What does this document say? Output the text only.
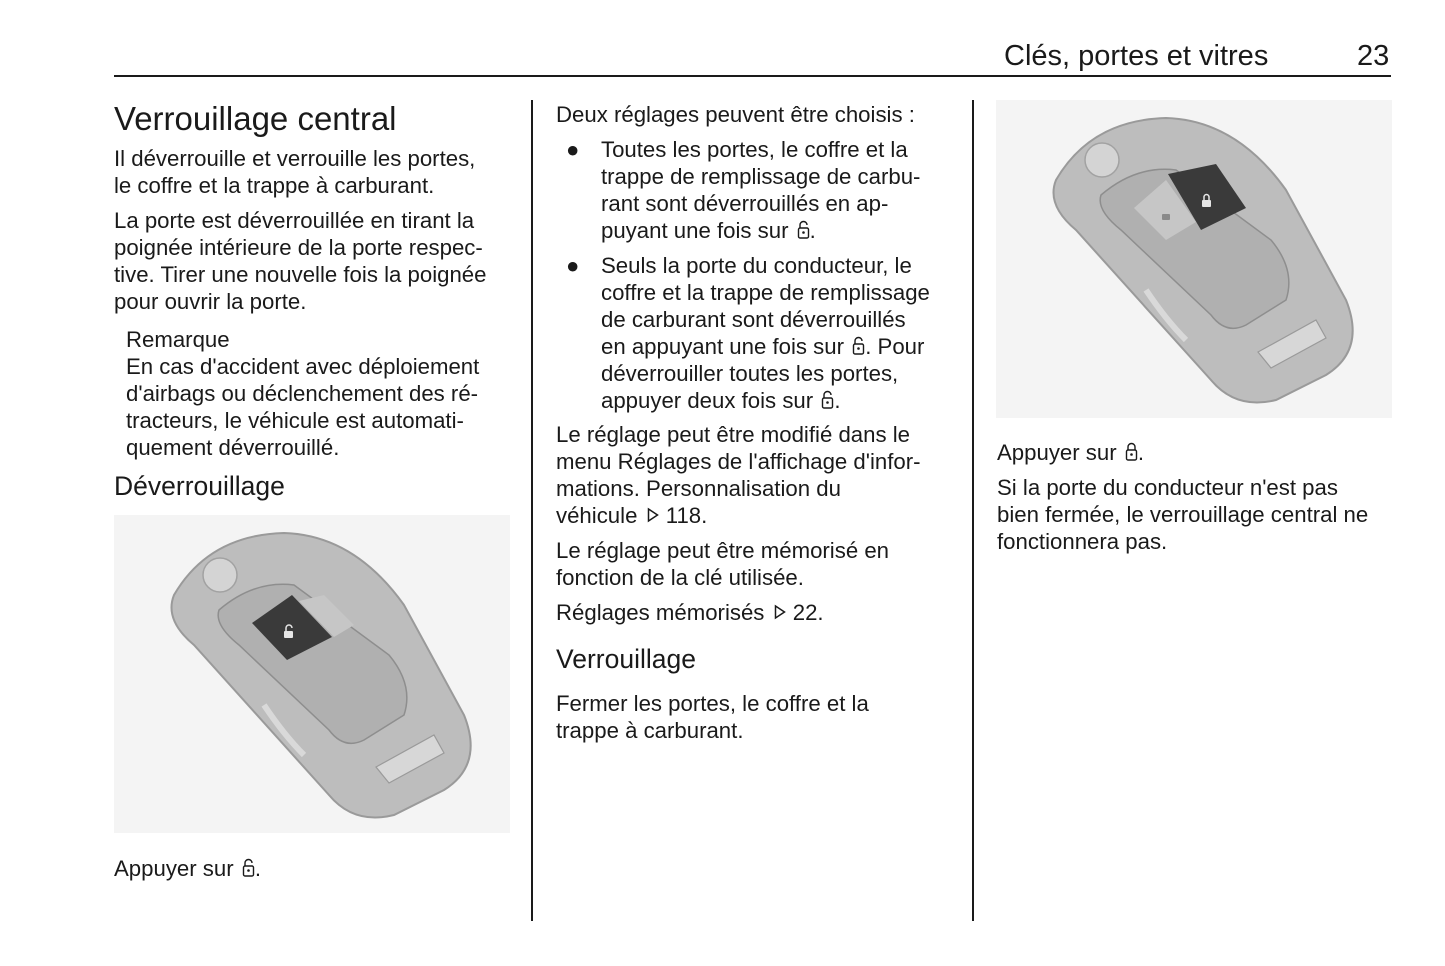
Clés, portes et vitres	23
Verrouillage central
Il déverrouille et verrouille les portes,
le coffre et la trappe à carburant.
La porte est déverrouillée en tirant la
poignée intérieure de la porte respec-
tive. Tirer une nouvelle fois la poignée
pour ouvrir la porte.
Remarque
En cas d'accident avec déploiement
d'airbags ou déclenchement des ré-
tracteurs, le véhicule est automati-
quement déverrouillé.
Déverrouillage
Appuyer sur .
Deux réglages peuvent être choisis :
● Toutes les portes, le coffre et la
trappe de remplissage de carbu-
rant sont déverrouillés en ap-
puyant une fois sur .
● Seuls la porte du conducteur, le
coffre et la trappe de remplissage
de carburant sont déverrouillés
en appuyant une fois sur . Pour
déverrouiller toutes les portes,
appuyer deux fois sur .
Le réglage peut être modifié dans le
menu Réglages de l'affichage d'infor-
mations. Personnalisation du
véhicule  118.
Le réglage peut être mémorisé en
fonction de la clé utilisée.
Réglages mémorisés  22.
Verrouillage
Fermer les portes, le coffre et la
trappe à carburant.
Appuyer sur .
Si la porte du conducteur n'est pas
bien fermée, le verrouillage central ne
fonctionnera pas.
